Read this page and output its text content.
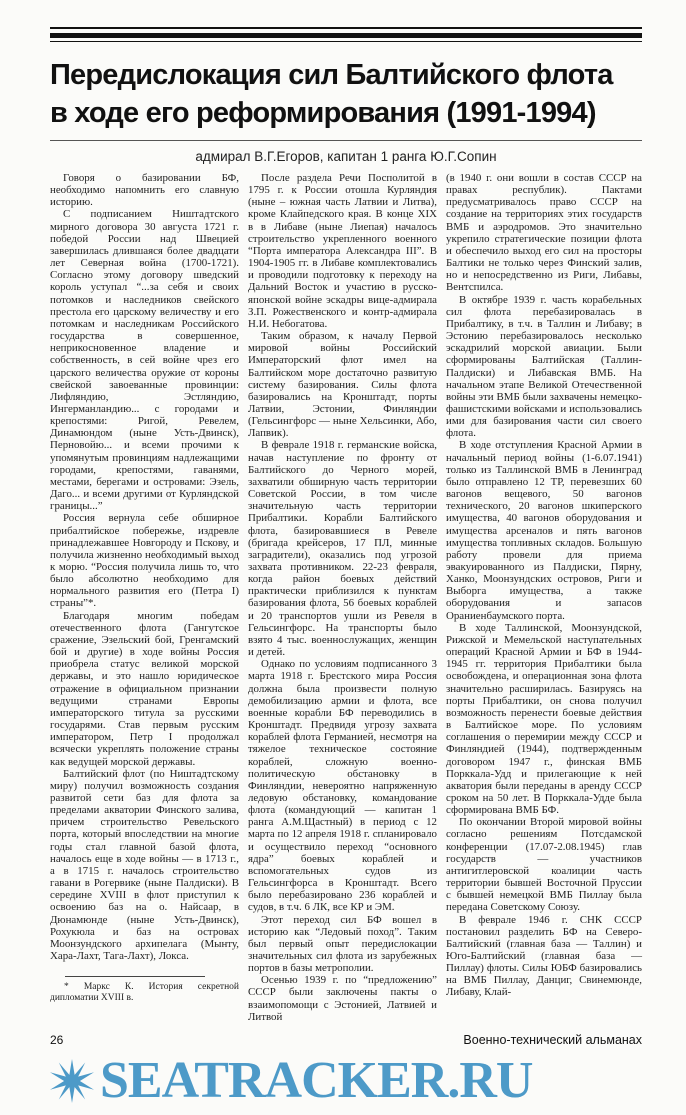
Передислокация сил Балтийского флота
в ходе его реформирования (1991-1994)
адмирал В.Г.Егоров, капитан 1 ранга Ю.Г.Сопин

Говоря о базировании БФ, необходимо напомнить его славную историю.

С подписанием Ништадтского мирного договора 30 августа 1721 г. победой России над Швецией завершилась длившаяся более двадцати лет Северная война (1700-1721). Согласно этому договору шведский король уступал “...за себя и своих потомков и наследников свейского престола его царскому величеству и его потомкам и наследникам Российского государства в совершенное, неприкосновенное владение и собственность, в сей войне чрез его царского величества оружие от короны свейской завоеванные провинции: Лифляндию, Эстляндию, Ингерманландию... с городами и крепостями: Ригой, Ревелем, Динамюндом (ныне Усть-Двинск), Перновойю... и всеми прочими к упомянутым провинциям надлежащими городами, крепостями, гаванями, местами, берегами и островами: Эзель, Даго... и всеми другими от Курляндской границы...”

Россия вернула себе обширное прибалтийское побережье, издревле принадлежавшее Новгороду и Пскову, и получила жизненно необходимый выход к морю. “Россия получила лишь то, что было абсолютно необходимо для нормального развития его (Петра I) страны”*.

Благодаря многим победам отечественного флота (Гангутское сражение, Эзельский бой, Гренгамский бой и другие) в ходе войны Россия приобрела статус великой морской державы, и это нашло юридическое отражение в официальном признании ведущими странами Европы императорского титула за русскими государями. Став первым русским императором, Петр I продолжал всячески укреплять положение страны как ведущей морской державы.

Балтийский флот (по Ништадтскому миру) получил возможность создания развитой сети баз для флота за пределами акватории Финского залива, причем строительство Ревельского порта, который впоследствии на многие годы стал главной базой флота, началось еще в ходе войны — в 1713 г., а в 1715 г. началось строительство гавани в Рогервике (ныне Палдиски). В середине XVIII в флот приступил к освоению баз на о. Найсаар, в Дюнамюнде (ныне Усть-Двинск), Рохукюла и баз на островах Моонзундского архипелага (Мынту, Хара-Лахт, Тага-Лахт), Локса.

* Маркс К. История секретной дипломатии XVIII в.

После раздела Речи Посполитой в 1795 г. к России отошла Курляндия (ныне – южная часть Латвии и Литва), кроме Клайпедского края. В конце XIX в в Либаве (ныне Лиепая) началось строительство укрепленного военного “Порта императора Александра III”. В 1904-1905 гг. в Либаве комплектовались и проводили подготовку к переходу на Дальний Восток и участию в русско-японской войне эскадры вице-адмирала З.П. Рожественского и контр-адмирала Н.И. Небогатова.

Таким образом, к началу Первой мировой войны Российский Императорский флот имел на Балтийском море достаточно развитую систему базирования. Силы флота базировались на Кронштадт, порты Латвии, Эстонии, Финляндии (Гельсингфорс — ныне Хельсинки, Або, Лапвик).

В феврале 1918 г. германские войска, начав наступление по фронту от Балтийского до Черного морей, захватили обширную часть территории Советской России, в том числе значительную часть территории Прибалтики. Корабли Балтийского флота, базировавшиеся в Ревеле (бригада крейсеров, 17 ПЛ, минные заградители), оказались под угрозой захвата противником. 22-23 февраля, когда район боевых действий практически приблизился к пунктам базирования флота, 56 боевых кораблей и 20 транспортов ушли из Ревеля в Гельсингфорс. На транспорты было взято 4 тыс. военнослужащих, женщин и детей.

Однако по условиям подписанного 3 марта 1918 г. Брестского мира Россия должна была произвести полную демобилизацию армии и флота, все военные корабли БФ переводились в Кронштадт. Предвидя угрозу захвата кораблей флота Германией, несмотря на тяжелое техническое состояние кораблей, сложную военно-политическую обстановку в Финляндии, невероятно напряженную ледовую обстановку, командование флота (командующий — капитан 1 ранга А.М.Щастный) в период с 12 марта по 12 апреля 1918 г. спланировало и осуществило переход “основного ядра” боевых кораблей и вспомогательных судов из Гельсингфорса в Кронштадт. Всего было перебазировано 236 кораблей и судов, в т.ч. 6 ЛК, все КР и ЭМ.

Этот переход сил БФ вошел в историю как “Ледовый поход”. Таким был первый опыт передислокации значительных сил флота из зарубежных портов в базы метрополии.

Осенью 1939 г. по “предложению” СССР были заключены пакты о взаимопомощи с Эстонией, Латвией и Литвой

(в 1940 г. они вошли в состав СССР на правах республик). Пактами предусматривалось право СССР на создание на территориях этих государств ВМБ и аэродромов. Это значительно укрепило стратегические позиции флота и обеспечило выход его сил на просторы Балтики не только через Финский залив, но и непосредственно из Риги, Либавы, Вентспилса.

В октябре 1939 г. часть корабельных сил флота перебазировалась в Прибалтику, в т.ч. в Таллин и Либаву; в Эстонию перебазировалось несколько эскадрилий морской авиации. Были сформированы Балтийская (Таллин-Палдиски) и Либавская ВМБ. На начальном этапе Великой Отечественной войны эти ВМБ были захвачены немецко-фашистскими войсками и использовались ими для базирования части сил своего флота.

В ходе отступления Красной Армии в начальный период войны (1-6.07.1941) только из Таллинской ВМБ в Ленинград было отправлено 12 ТР, перевезших 60 вагонов вещевого, 50 вагонов технического, 20 вагонов шкиперского имущества, 40 вагонов оборудования и имущества арсеналов и пять вагонов имущества топливных складов. Большую работу провели для приема эвакуированного из Палдиски, Пярну, Ханко, Моонзундских островов, Риги и Выборга имущества, а также оборудования и запасов Ораниенбаумского порта.

В ходе Таллинской, Моонзундской, Рижской и Мемельской наступательных операций Красной Армии и БФ в 1944-1945 гг. территория Прибалтики была освобождена, и операционная зона флота значительно расширилась. Базируясь на порты Прибалтики, он снова получил возможность перенести боевые действия в Балтийское море. По условиям соглашения о перемирии между СССР и Финляндией (1944), подтвержденным договором 1947 г., финская ВМБ Порккала-Удд и прилегающие к ней акватория были переданы в аренду СССР сроком на 50 лет. В Порккала-Удде была сформирована ВМБ БФ.

По окончании Второй мировой войны согласно решениям Потсдамской конференции (17.07-2.08.1945) глав государств — участников антигитлеровской коалиции часть территории бывшей Восточной Пруссии с бывшей немецкой ВМБ Пиллау была передана Советскому Союзу.

В феврале 1946 г. СНК СССР постановил разделить БФ на Северо-Балтийский (главная база — Таллин) и Юго-Балтийский (главная база — Пиллау) флоты. Силы ЮБФ базировались на ВМБ Пиллау, Данциг, Свинемюнде, Либаву, Клай-

26	Военно-технический альманах
SEATRACKER.RU
